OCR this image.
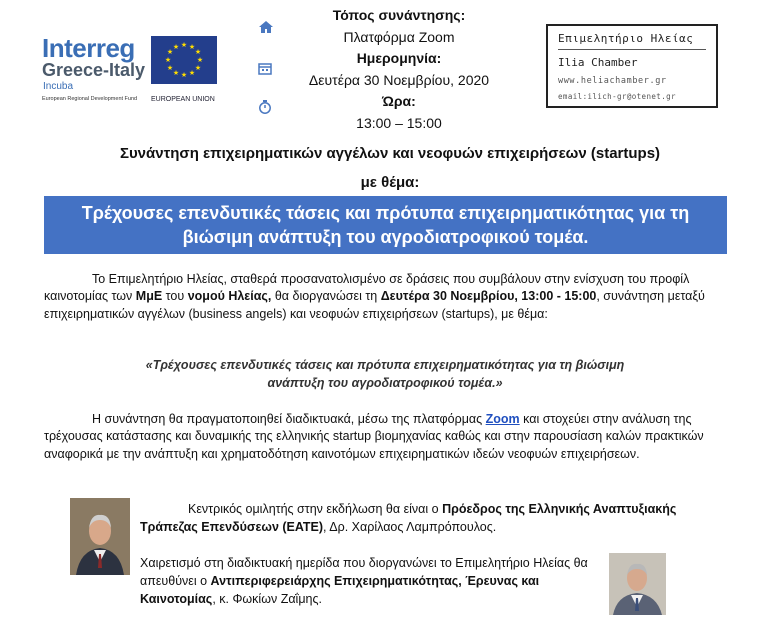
Interreg
Greece-Italy
Incuba
European Regional Development Fund
★ ★
★
★
★
★
★
★
★
★
★
★
EUROPEAN UNION
Τόπος συνάντησης:
Πλατφόρμα Zoom
Ημερομηνία:
Δευτέρα 30 Νοεμβρίου, 2020
Ώρα:
13:00 – 15:00
Επιμελητήριο Ηλείας
Ilia Chamber
www.heliachamber.gr
email:ilich-gr@otenet.gr
Συνάντηση επιχειρηματικών αγγέλων και νεοφυών επιχειρήσεων (startups)
με θέμα:
Τρέχουσες επενδυτικές τάσεις και πρότυπα επιχειρηματικότητας για τη
βιώσιμη ανάπτυξη του αγροδιατροφικού τομέα.
Το Επιμελητήριο Ηλείας, σταθερά προσανατολισμένο σε δράσεις που συμβάλουν στην ενίσχυση του προφίλ καινοτομίας των ΜμΕ του νομού Ηλείας, θα διοργανώσει τη Δευτέρα 30 Νοεμβρίου, 13:00 - 15:00, συνάντηση μεταξύ επιχειρηματικών αγγέλων (business angels) και νεοφυών επιχειρήσεων (startups), με θέμα:
«Τρέχουσες επενδυτικές τάσεις και πρότυπα επιχειρηματικότητας για τη βιώσιμη
ανάπτυξη του αγροδιατροφικού τομέα.»
Η συνάντηση θα πραγματοποιηθεί διαδικτυακά, μέσω της πλατφόρμας Zoom και στοχεύει στην ανάλυση της τρέχουσας κατάστασης και δυναμικής της ελληνικής startup βιομηχανίας καθώς και στην παρουσίαση καλών πρακτικών αναφορικά με την ανάπτυξη και χρηματοδότηση καινοτόμων επιχειρηματικών ιδεών νεοφυών επιχειρήσεων.
Κεντρικός ομιλητής στην εκδήλωση θα είναι ο Πρόεδρος της Ελληνικής Αναπτυξιακής Τράπεζας Επενδύσεων (ΕΑΤΕ), Δρ. Χαρίλαος Λαμπρόπουλος.
Χαιρετισμό στη διαδικτυακή ημερίδα που διοργανώνει το Επιμελητήριο Ηλείας θα απευθύνει ο Αντιπεριφερειάρχης Επιχειρηματικότητας, Έρευνας και Καινοτομίας, κ. Φωκίων Ζαΐμης.
